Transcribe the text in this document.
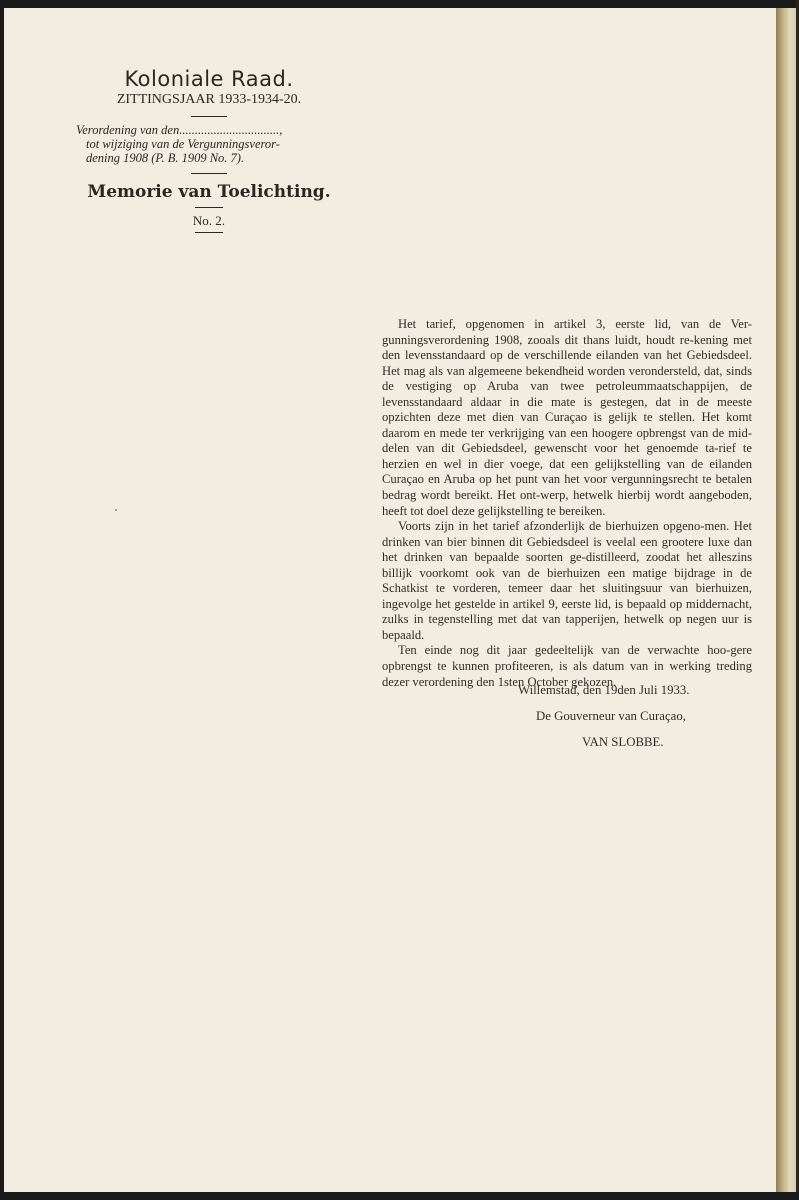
Koloniale Raad.

ZITTINGSJAAR 1933-1934-20.

Verordening van den................................,
tot wijziging van de Vergunningsveror-
dening 1908 (P. B. 1909 No. 7).

Memorie van Toelichting.

No. 2.

Het tarief, opgenomen in artikel 3, eerste lid, van de Ver-gunningsverordening 1908, zooals dit thans luidt, houdt re-kening met den levensstandaard op de verschillende eilanden van het Gebiedsdeel. Het mag als van algemeene bekendheid worden verondersteld, dat, sinds de vestiging op Aruba van twee petroleummaatschappijen, de levensstandaard aldaar in die mate is gestegen, dat in de meeste opzichten deze met dien van Curaçao is gelijk te stellen. Het komt daarom en mede ter verkrijging van een hoogere opbrengst van de mid-delen van dit Gebiedsdeel, gewenscht voor het genoemde ta-rief te herzien en wel in dier voege, dat een gelijkstelling van de eilanden Curaçao en Aruba op het punt van het voor vergunningsrecht te betalen bedrag wordt bereikt. Het ont-werp, hetwelk hierbij wordt aangeboden, heeft tot doel deze gelijkstelling te bereiken.

Voorts zijn in het tarief afzonderlijk de bierhuizen opgeno-men. Het drinken van bier binnen dit Gebiedsdeel is veelal een grootere luxe dan het drinken van bepaalde soorten ge-distilleerd, zoodat het alleszins billijk voorkomt ook van de bierhuizen een matige bijdrage in de Schatkist te vorderen, temeer daar het sluitingsuur van bierhuizen, ingevolge het gestelde in artikel 9, eerste lid, is bepaald op middernacht, zulks in tegenstelling met dat van tapperijen, hetwelk op negen uur is bepaald.

Ten einde nog dit jaar gedeeltelijk van de verwachte hoo-gere opbrengst te kunnen profiteeren, is als datum van in werking treding dezer verordening den 1sten October gekozen.

Willemstad, den 19den Juli 1933.
De Gouverneur van Curaçao,
VAN SLOBBE.
